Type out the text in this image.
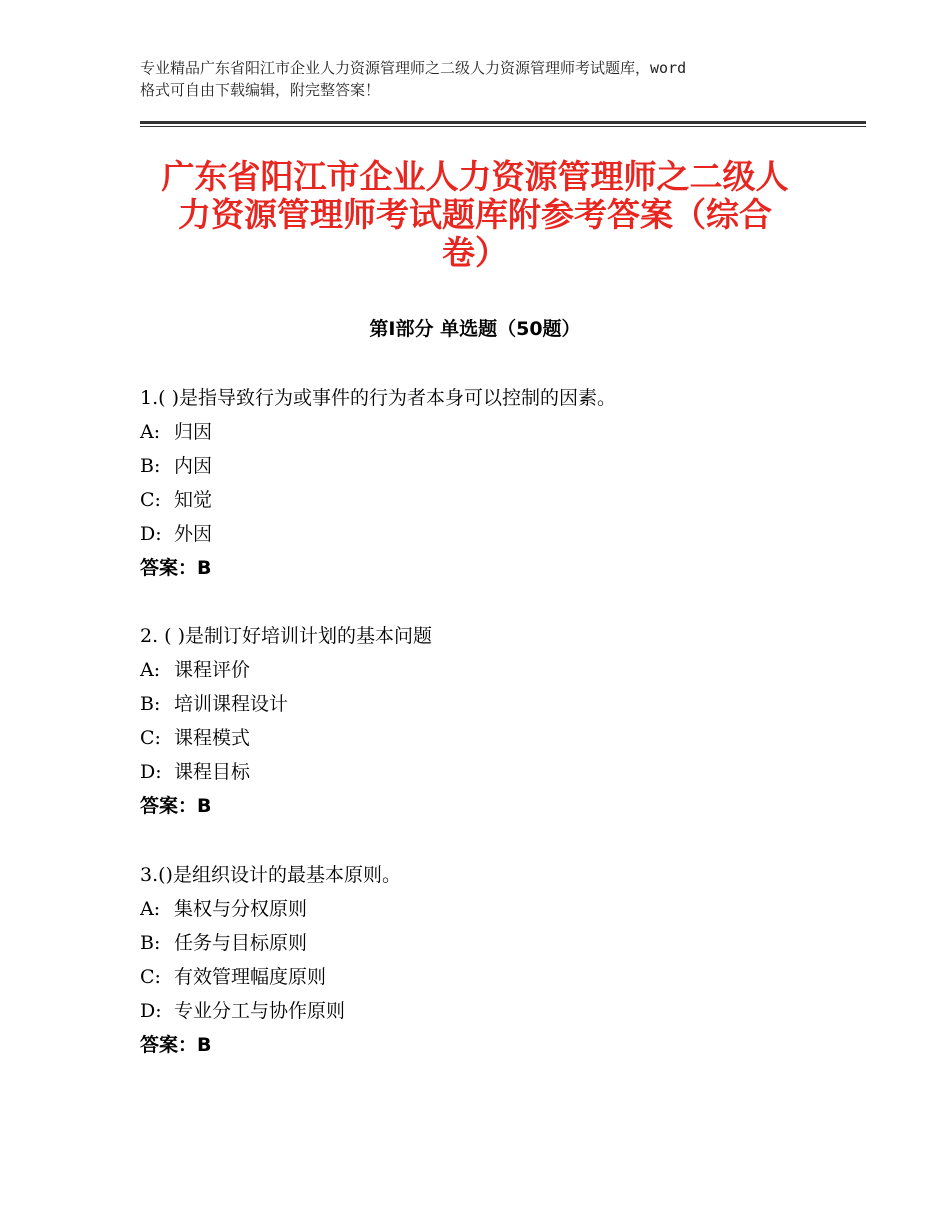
专业精品广东省阳江市企业人力资源管理师之二级人力资源管理师考试题库，word
格式可自由下载编辑，附完整答案！
广东省阳江市企业人力资源管理师之二级人
力资源管理师考试题库附参考答案（综合
卷）
第Ⅰ部分 单选题（50题）
1.( )是指导致行为或事件的行为者本身可以控制的因素。
A: 归因
B: 内因
C: 知觉
D: 外因
答案：B
2. ( )是制订好培训计划的基本问题
A: 课程评价
B: 培训课程设计
C: 课程模式
D: 课程目标
答案：B
3.()是组织设计的最基本原则。
A: 集权与分权原则
B: 任务与目标原则
C: 有效管理幅度原则
D: 专业分工与协作原则
答案：B
